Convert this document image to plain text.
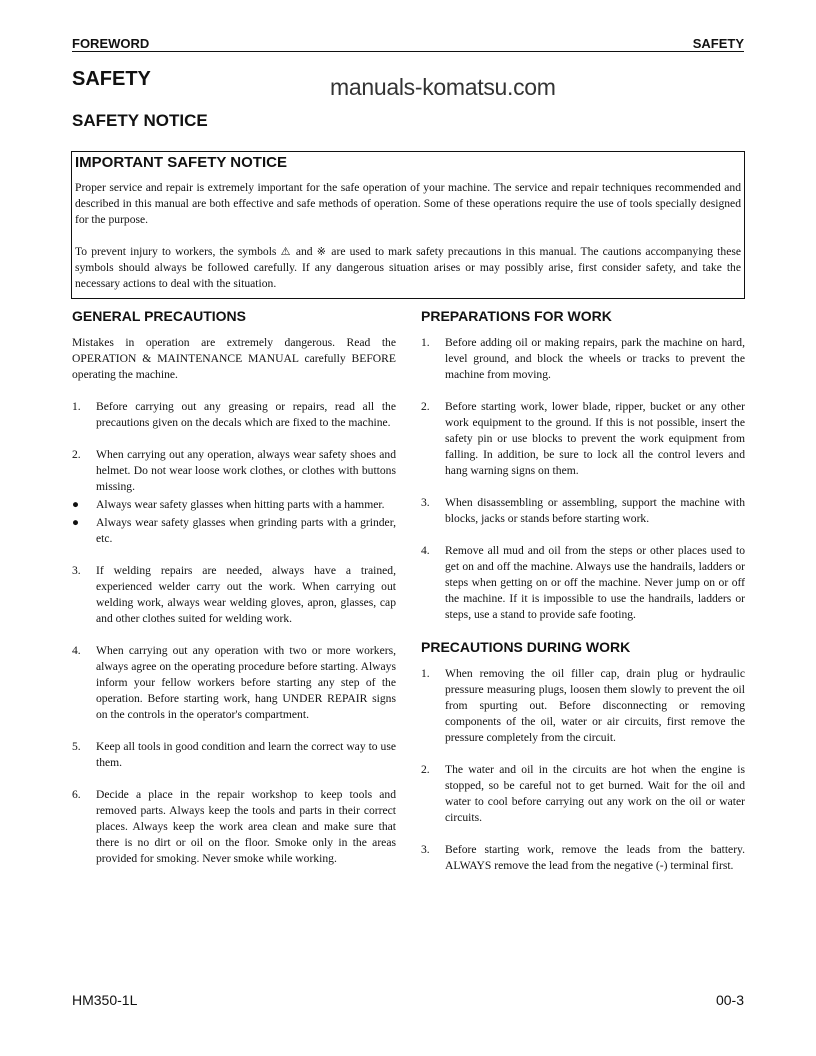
FOREWORD	SAFETY
SAFETY
SAFETY NOTICE
manuals-komatsu.com
IMPORTANT SAFETY NOTICE

Proper service and repair is extremely important for the safe operation of your machine. The service and repair techniques recommended and described in this manual are both effective and safe methods of operation. Some of these operations require the use of tools specially designed for the purpose.

To prevent injury to workers, the symbols ⚠ and ※ are used to mark safety precautions in this manual. The cautions accompanying these symbols should always be followed carefully. If any dangerous situation arises or may possibly arise, first consider safety, and take the necessary actions to deal with the situation.

GENERAL PRECAUTIONS

Mistakes in operation are extremely dangerous. Read the OPERATION & MAINTENANCE MANUAL carefully BEFORE operating the machine.

1. Before carrying out any greasing or repairs, read all the precautions given on the decals which are fixed to the machine.
2. When carrying out any operation, always wear safety shoes and helmet. Do not wear loose work clothes, or clothes with buttons missing.
● Always wear safety glasses when hitting parts with a hammer.
● Always wear safety glasses when grinding parts with a grinder, etc.
3. If welding repairs are needed, always have a trained, experienced welder carry out the work. When carrying out welding work, always wear welding gloves, apron, glasses, cap and other clothes suited for welding work.
4. When carrying out any operation with two or more workers, always agree on the operating procedure before starting. Always inform your fellow workers before starting any step of the operation. Before starting work, hang UNDER REPAIR signs on the controls in the operator's compartment.
5. Keep all tools in good condition and learn the correct way to use them.
6. Decide a place in the repair workshop to keep tools and removed parts. Always keep the tools and parts in their correct places. Always keep the work area clean and make sure that there is no dirt or oil on the floor. Smoke only in the areas provided for smoking. Never smoke while working.
PREPARATIONS FOR WORK
1. Before adding oil or making repairs, park the machine on hard, level ground, and block the wheels or tracks to prevent the machine from moving.
2. Before starting work, lower blade, ripper, bucket or any other work equipment to the ground. If this is not possible, insert the safety pin or use blocks to prevent the work equipment from falling. In addition, be sure to lock all the control levers and hang warning signs on them.
3. When disassembling or assembling, support the machine with blocks, jacks or stands before starting work.
4. Remove all mud and oil from the steps or other places used to get on and off the machine. Always use the handrails, ladders or steps when getting on or off the machine. Never jump on or off the machine. If it is impossible to use the handrails, ladders or steps, use a stand to provide safe footing.
PRECAUTIONS DURING WORK
1. When removing the oil filler cap, drain plug or hydraulic pressure measuring plugs, loosen them slowly to prevent the oil from spurting out. Before disconnecting or removing components of the oil, water or air circuits, first remove the pressure completely from the circuit.
2. The water and oil in the circuits are hot when the engine is stopped, so be careful not to get burned. Wait for the oil and water to cool before carrying out any work on the oil or water circuits.
3. Before starting work, remove the leads from the battery. ALWAYS remove the lead from the negative (-) terminal first.
HM350-1L	00-3
